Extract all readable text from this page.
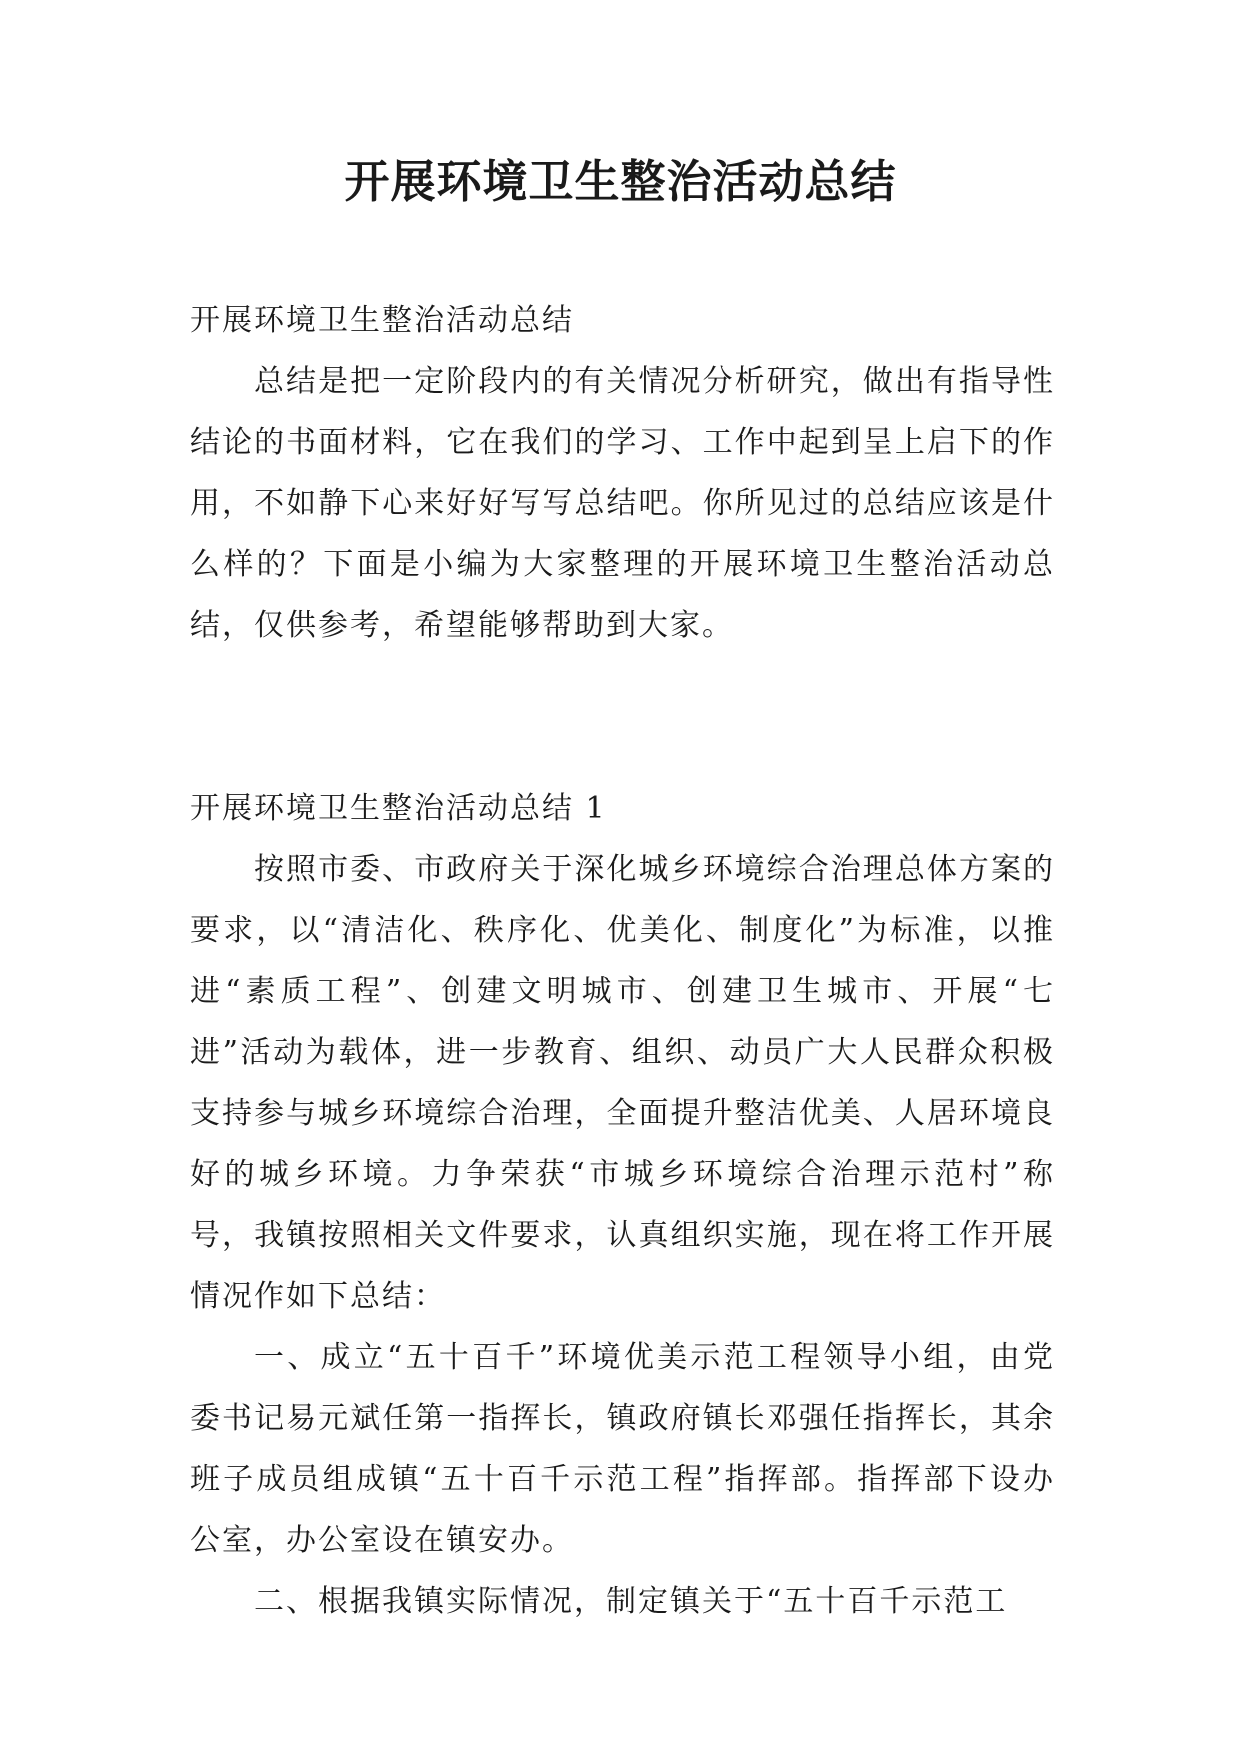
开展环境卫生整治活动总结

开展环境卫生整治活动总结

总结是把一定阶段内的有关情况分析研究，做出有指导性结论的书面材料，它在我们的学习、工作中起到呈上启下的作用，不如静下心来好好写写总结吧。你所见过的总结应该是什么样的？下面是小编为大家整理的开展环境卫生整治活动总结，仅供参考，希望能够帮助到大家。

开展环境卫生整治活动总结 1

按照市委、市政府关于深化城乡环境综合治理总体方案的要求，以“清洁化、秩序化、优美化、制度化”为标准，以推进“素质工程”、创建文明城市、创建卫生城市、开展“七进”活动为载体，进一步教育、组织、动员广大人民群众积极支持参与城乡环境综合治理，全面提升整洁优美、人居环境良好的城乡环境。力争荣获“市城乡环境综合治理示范村”称号，我镇按照相关文件要求，认真组织实施，现在将工作开展情况作如下总结：

一、成立“五十百千”环境优美示范工程领导小组，由党委书记易元斌任第一指挥长，镇政府镇长邓强任指挥长，其余班子成员组成镇“五十百千示范工程”指挥部。指挥部下设办公室，办公室设在镇安办。

二、根据我镇实际情况，制定镇关于“五十百千示范工
